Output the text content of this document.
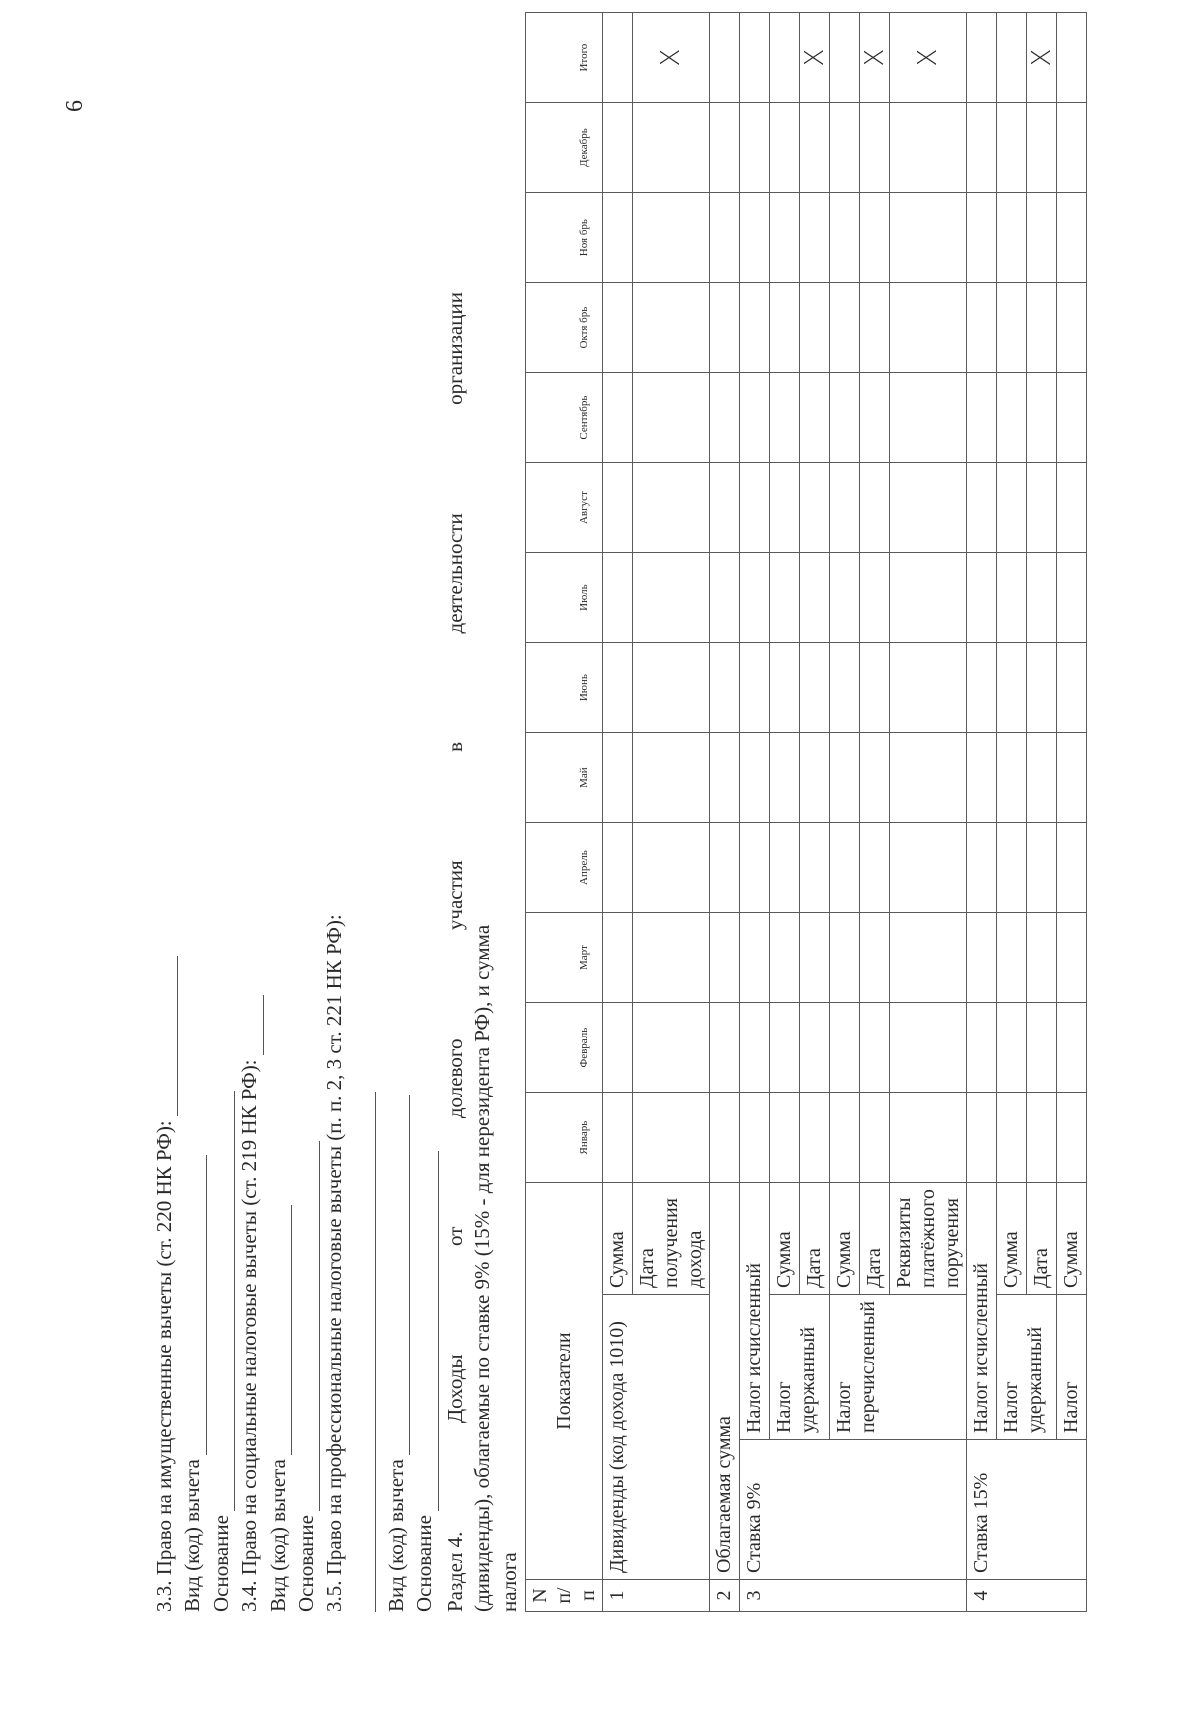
6
3.3. Право на имущественные вычеты (ст. 220 НК РФ): Вид (код) вычета Основание 3.4. Право на социальные налоговые вычеты (ст. 219 НК РФ): Вид (код) вычета Основание 3.5. Право на профессиональные налоговые вычеты (п. п. 2, 3 ст. 221 НК РФ): Вид (код) вычета Основание Раздел 4.
Доходы
от
долевого
участия
в
деятельности
организации
(дивиденды), облагаемые по ставке 9% (15% - для нерезидента РФ), и сумма налога N п/п	Показатели			Январь	Февраль	Март	Апрель	Май	Июнь	Июль	Август	Сентябрь	Октя брь	Ноя брь	Декабрь	Итого
1	Дивиденды (код дохода 1010)		Сумма													
			Дата получения дохода													X
2	Облагаемая сумма															
3	Ставка 9%	Налог исчисленный														
		Налог удержанный	Сумма													
			Дата													X
		Налог перечисленный	Сумма													
			Дата													X
			Реквизиты платёжного поручения													X

4	Ставка 15%	Налог исчисленный														
		Налог удержанный	Сумма													
			Дата													X
		Налог	Сумма													
